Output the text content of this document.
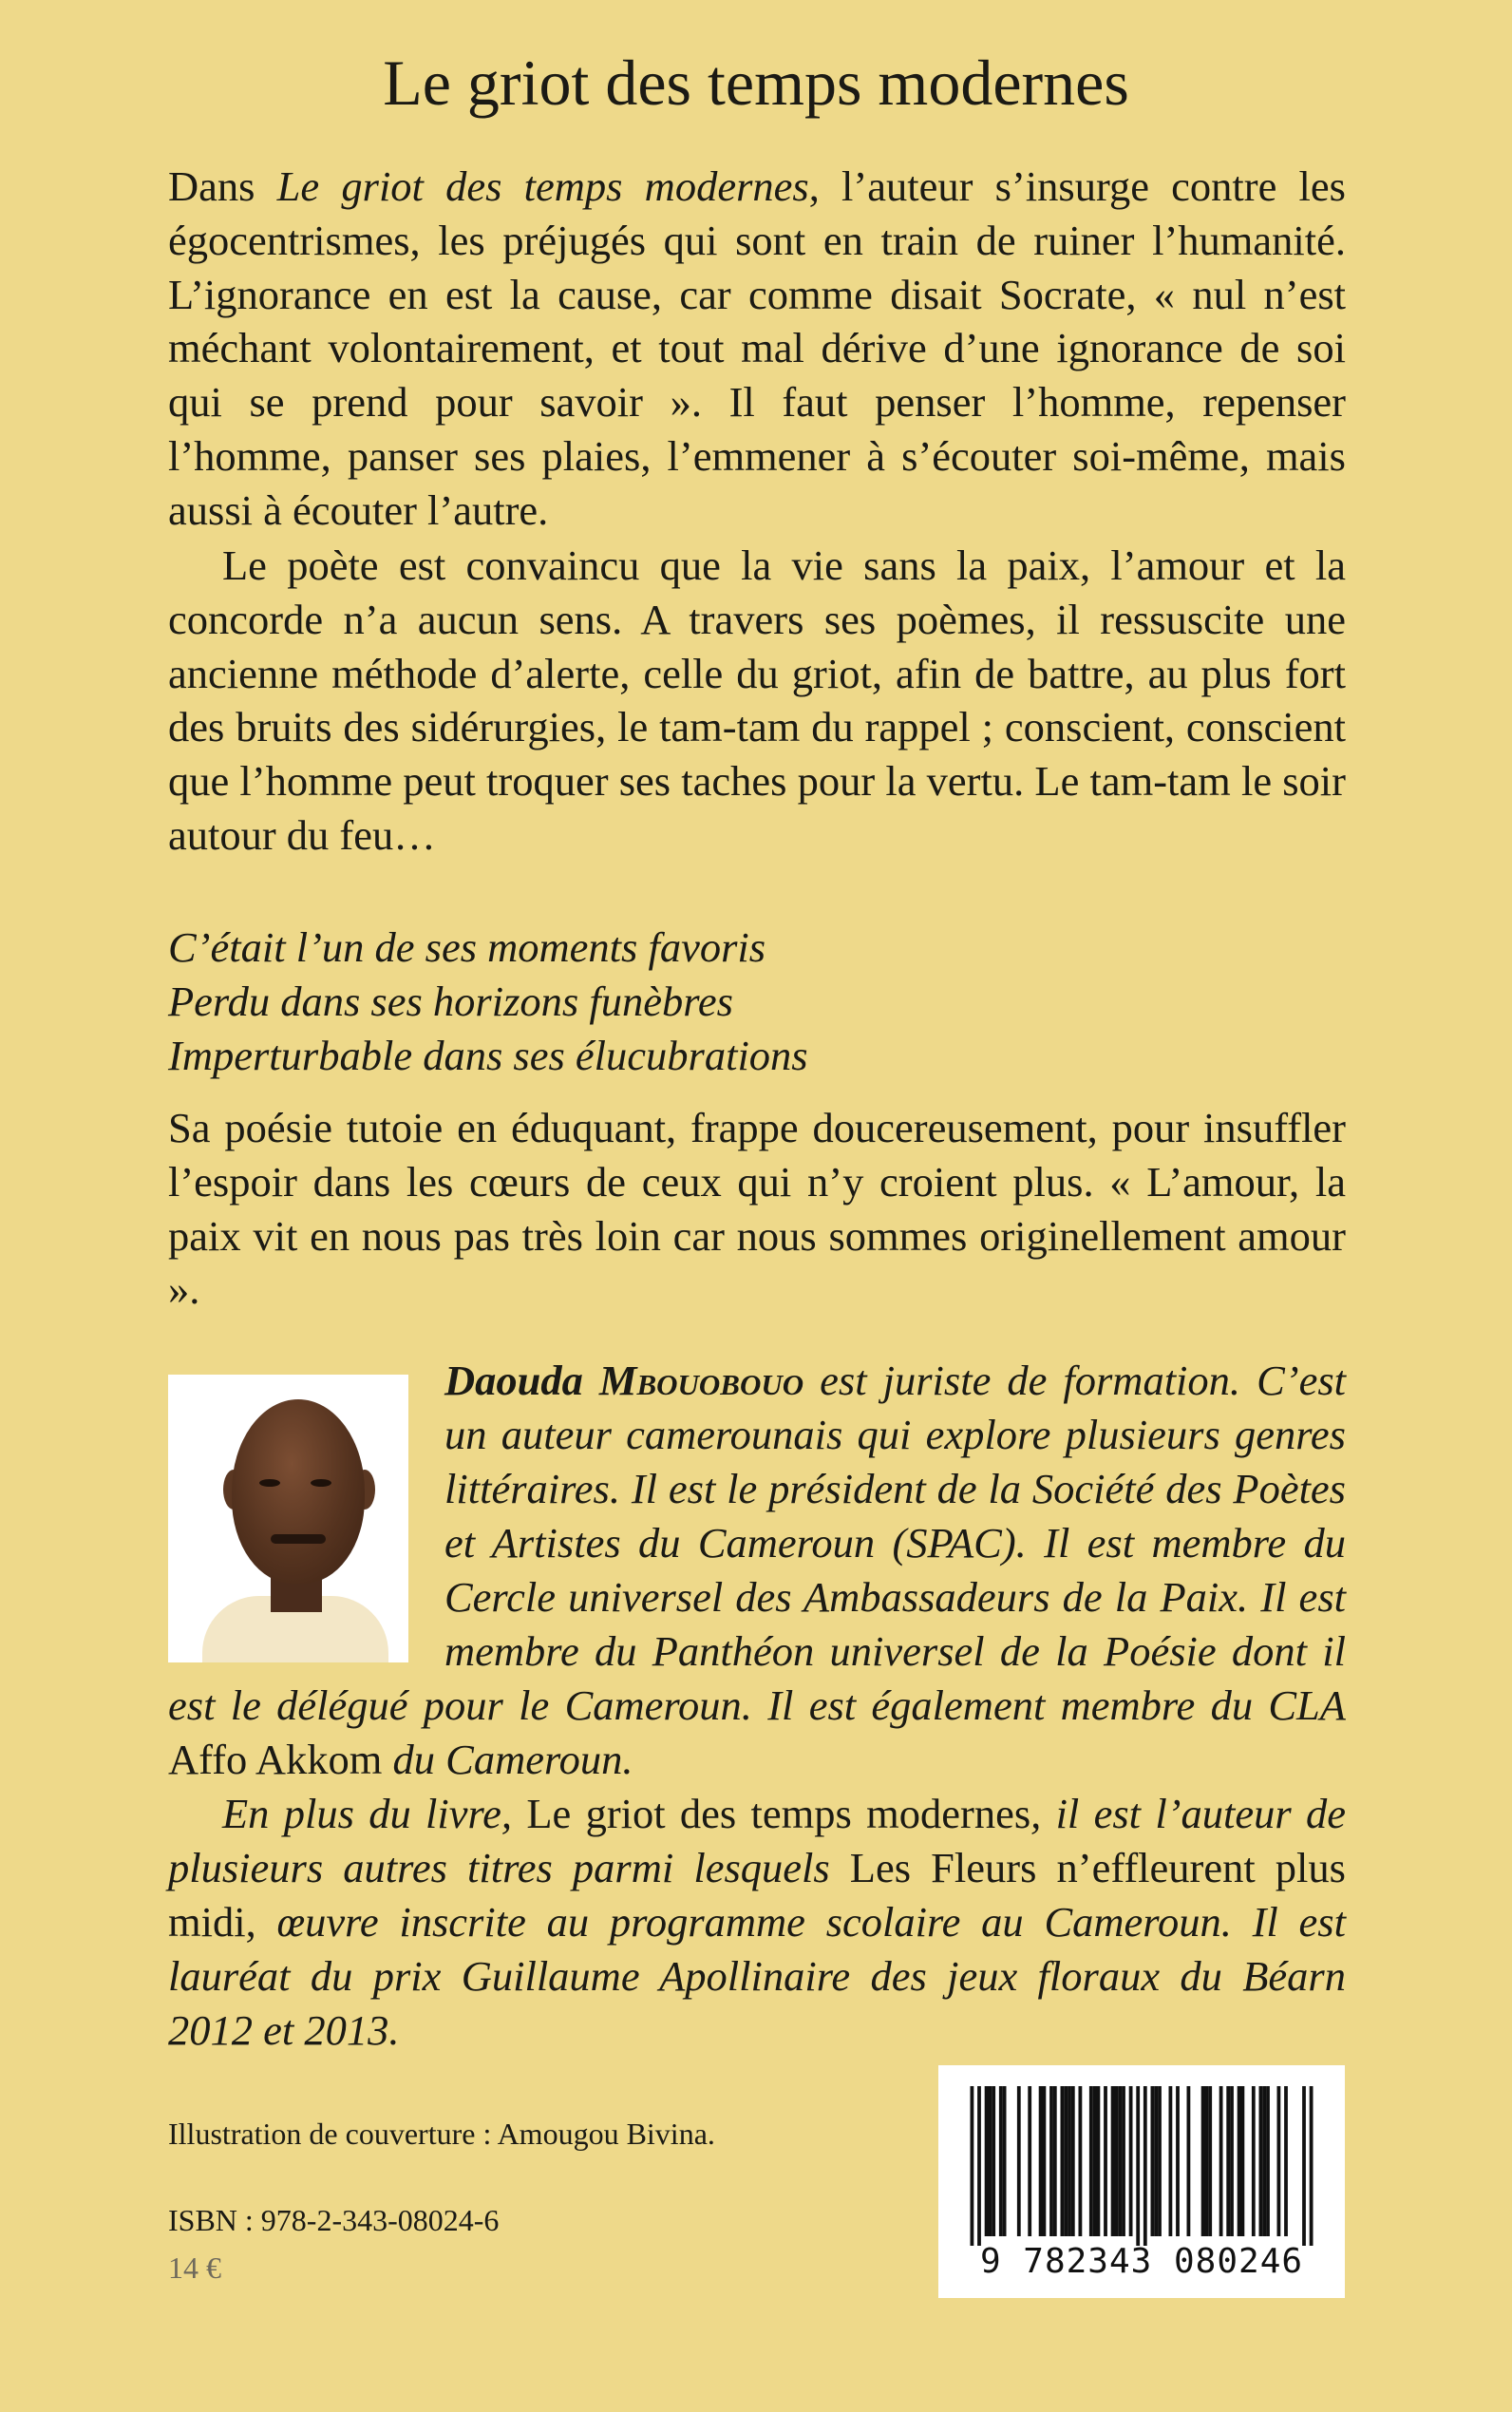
Le griot des temps modernes

Dans Le griot des temps modernes, l’auteur s’insurge contre les égocentrismes, les préjugés qui sont en train de ruiner l’humanité. L’ignorance en est la cause, car comme disait Socrate, « nul n’est méchant volontairement, et tout mal dérive d’une ignorance de soi qui se prend pour savoir ». Il faut penser l’homme, repenser l’homme, panser ses plaies, l’emmener à s’écouter soi-même, mais aussi à écouter l’autre.

Le poète est convaincu que la vie sans la paix, l’amour et la concorde n’a aucun sens. A travers ses poèmes, il ressuscite une ancienne méthode d’alerte, celle du griot, afin de battre, au plus fort des bruits des sidérurgies, le tam-tam du rappel ; conscient, conscient que l’homme peut troquer ses taches pour la vertu. Le tam-tam le soir autour du feu…

C’était l’un de ses moments favoris
Perdu dans ses horizons funèbres
Imperturbable dans ses élucubrations

Sa poésie tutoie en éduquant, frappe doucereusement, pour insuffler l’espoir dans les cœurs de ceux qui n’y croient plus. « L’amour, la paix vit en nous pas très loin car nous sommes originellement amour ».

Daouda Mbouobouo est juriste de formation. C’est un auteur camerounais qui explore plusieurs genres littéraires. Il est le président de la Société des Poètes et Artistes du Cameroun (SPAC). Il est membre du Cercle universel des Ambassadeurs de la Paix. Il est membre du Panthéon universel de la Poésie dont il est le délégué pour le Cameroun. Il est également membre du CLA Affo Akkom du Cameroun.

En plus du livre, Le griot des temps modernes, il est l’auteur de plusieurs autres titres parmi lesquels Les Fleurs n’effleurent plus midi, œuvre inscrite au programme scolaire au Cameroun. Il est lauréat du prix Guillaume Apollinaire des jeux floraux du Béarn 2012 et 2013.

Illustration de couverture : Amougou Bivina.
ISBN : 978-2-343-08024-6
14 €	9 782343 080246
